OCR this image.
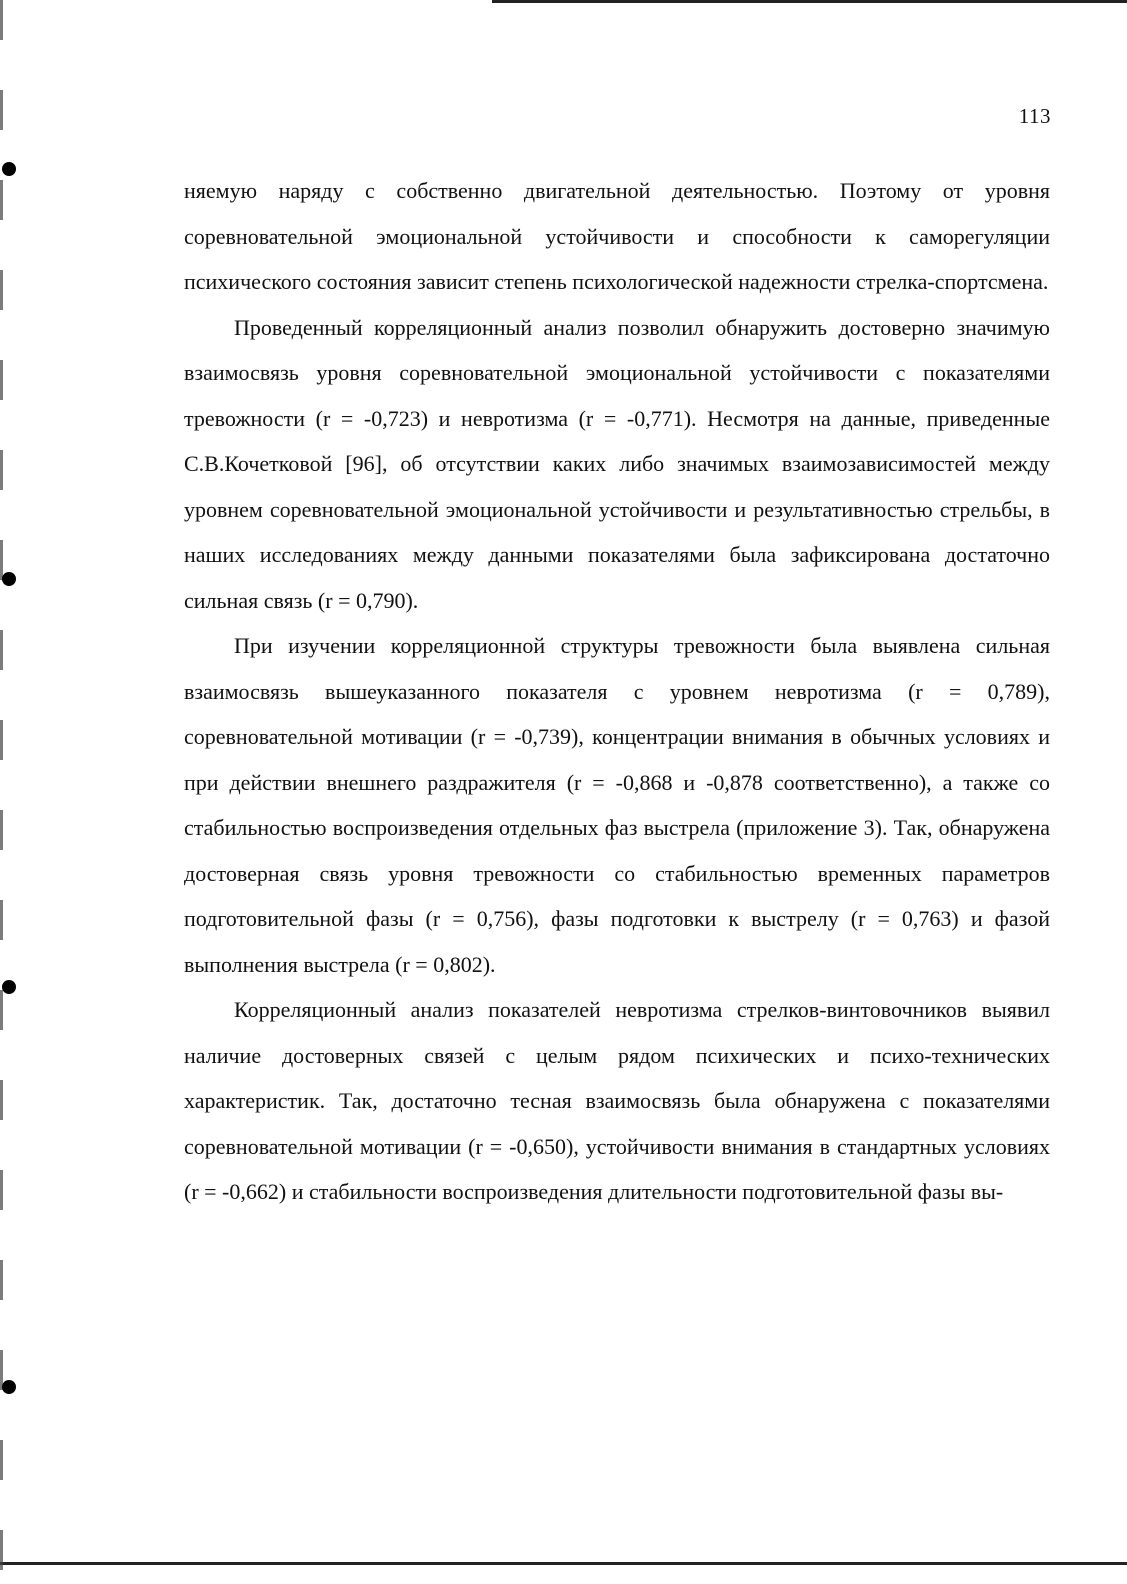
113

няемую наряду с собственно двигательной деятельностью. Поэтому от уровня соревновательной эмоциональной устойчивости и способности к саморегуляции психического состояния зависит степень психологической надежности стрелка-спортсмена.

Проведенный корреляционный анализ позволил обнаружить достоверно значимую взаимосвязь уровня соревновательной эмоциональной устойчивости с показателями тревожности (r = -0,723) и невротизма (r = -0,771). Несмотря на данные, приведенные С.В.Кочетковой [96], об отсутствии каких либо значимых взаимозависимостей между уровнем соревновательной эмоциональной устойчивости и результативностью стрельбы, в наших исследованиях между данными показателями была зафиксирована достаточно сильная связь (r = 0,790).

При изучении корреляционной структуры тревожности была выявлена сильная взаимосвязь вышеуказанного показателя с уровнем невротизма (r = 0,789), соревновательной мотивации (r = -0,739), концентрации внимания в обычных условиях и при действии внешнего раздражителя (r = -0,868 и -0,878 соответственно), а также со стабильностью воспроизведения отдельных фаз выстрела (приложение 3). Так, обнаружена достоверная связь уровня тревожности со стабильностью временных параметров подготовительной фазы (r = 0,756), фазы подготовки к выстрелу (r = 0,763) и фазой выполнения выстрела (r = 0,802).

Корреляционный анализ показателей невротизма стрелков-винтовочников выявил наличие достоверных связей с целым рядом психических и психо-технических характеристик. Так, достаточно тесная взаимосвязь была обнаружена с показателями соревновательной мотивации (r = -0,650), устойчивости внимания в стандартных условиях (r = -0,662) и стабильности воспроизведения длительности подготовительной фазы вы-
